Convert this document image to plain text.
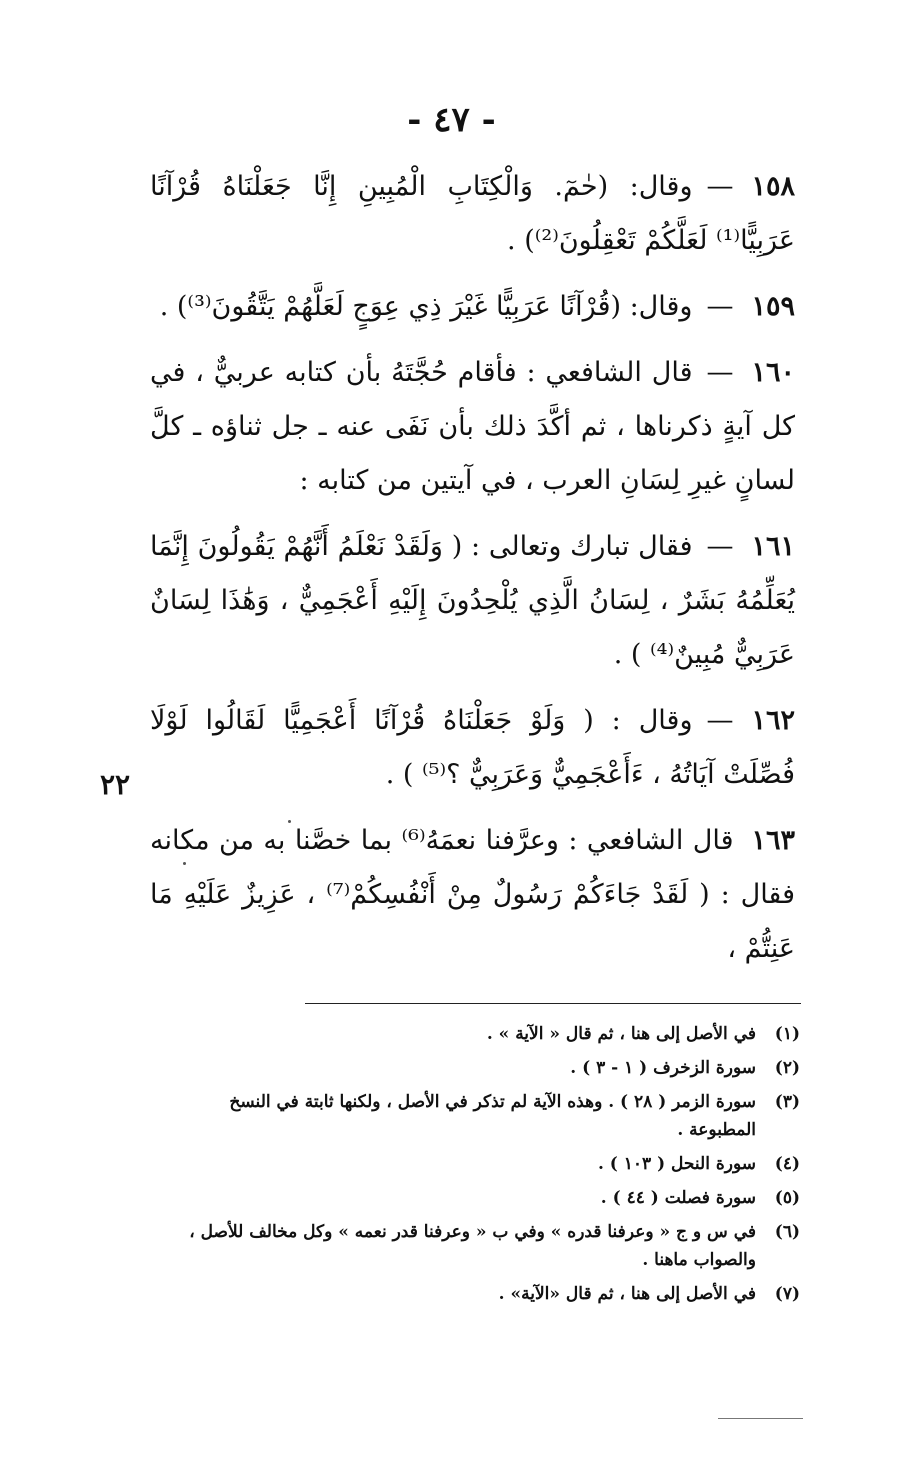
- ٤٧ -

١٥٨—وقال: (حٰمٓ. وَالْكِتَابِ الْمُبِينِ إِنَّا جَعَلْنَاهُ قُرْآنًا عَرَبِيًّا⁽¹⁾ لَعَلَّكُمْ تَعْقِلُونَ⁽²⁾) .

١٥٩—وقال: (قُرْآنًا عَرَبِيًّا غَيْرَ ذِي عِوَجٍ لَعَلَّهُمْ يَتَّقُونَ⁽³⁾) .

١٦٠—قال الشافعي : فأقام حُجَّتَهُ بأن كتابه عربيٌّ ، في كل آيةٍ ذكرناها ، ثم أكَّدَ ذلك بأن نَفَى عنه ـ جل ثناؤه ـ كلَّ لسانٍ غيرِ لِسَانِ العرب ، في آيتين من كتابه :

١٦١—فقال تبارك وتعالى : ( وَلَقَدْ نَعْلَمُ أَنَّهُمْ يَقُولُونَ إِنَّمَا يُعَلِّمُهُ بَشَرٌ ، لِسَانُ الَّذِي يُلْحِدُونَ إِلَيْهِ أَعْجَمِيٌّ ، وَهَٰذَا لِسَانٌ عَرَبِيٌّ مُبِينٌ⁽⁴⁾ ) .

١٦٢—وقال : ( وَلَوْ جَعَلْنَاهُ قُرْآنًا أَعْجَمِيًّا لَقَالُوا لَوْلَا فُصِّلَتْ آيَاتُهُ ، ءَأَعْجَمِيٌّ وَعَرَبِيٌّ ؟⁽⁵⁾ ) .

١٦٣قال الشافعي : وعرَّفنا نعمَهُ⁽⁶⁾ بما خصَّنا به من مكانه فقال : ( لَقَدْ جَاءَكُمْ رَسُولٌ مِنْ أَنْفُسِكُمْ⁽⁷⁾ ، عَزِيزٌ عَلَيْهِ مَا عَنِتُّمْ ،

٢٢
(١)
في الأصل إلى هنا ، ثم قال « الآية » .
(٢)
سورة الزخرف ( ١ - ٣ ) .
(٣)
سورة الزمر ( ٢٨ ) . وهذه الآية لم تذكر في الأصل ، ولكنها ثابتة في النسخ المطبوعة .
(٤)
سورة النحل ( ١٠٣ ) .
(٥)
سورة فصلت ( ٤٤ ) .
(٦)
في س و ج « وعرفنا قدره » وفي ب « وعرفنا قدر نعمه » وكل مخالف للأصل ، والصواب ماهنا .
(٧)
في الأصل إلى هنا ، ثم قال «الآية» .
